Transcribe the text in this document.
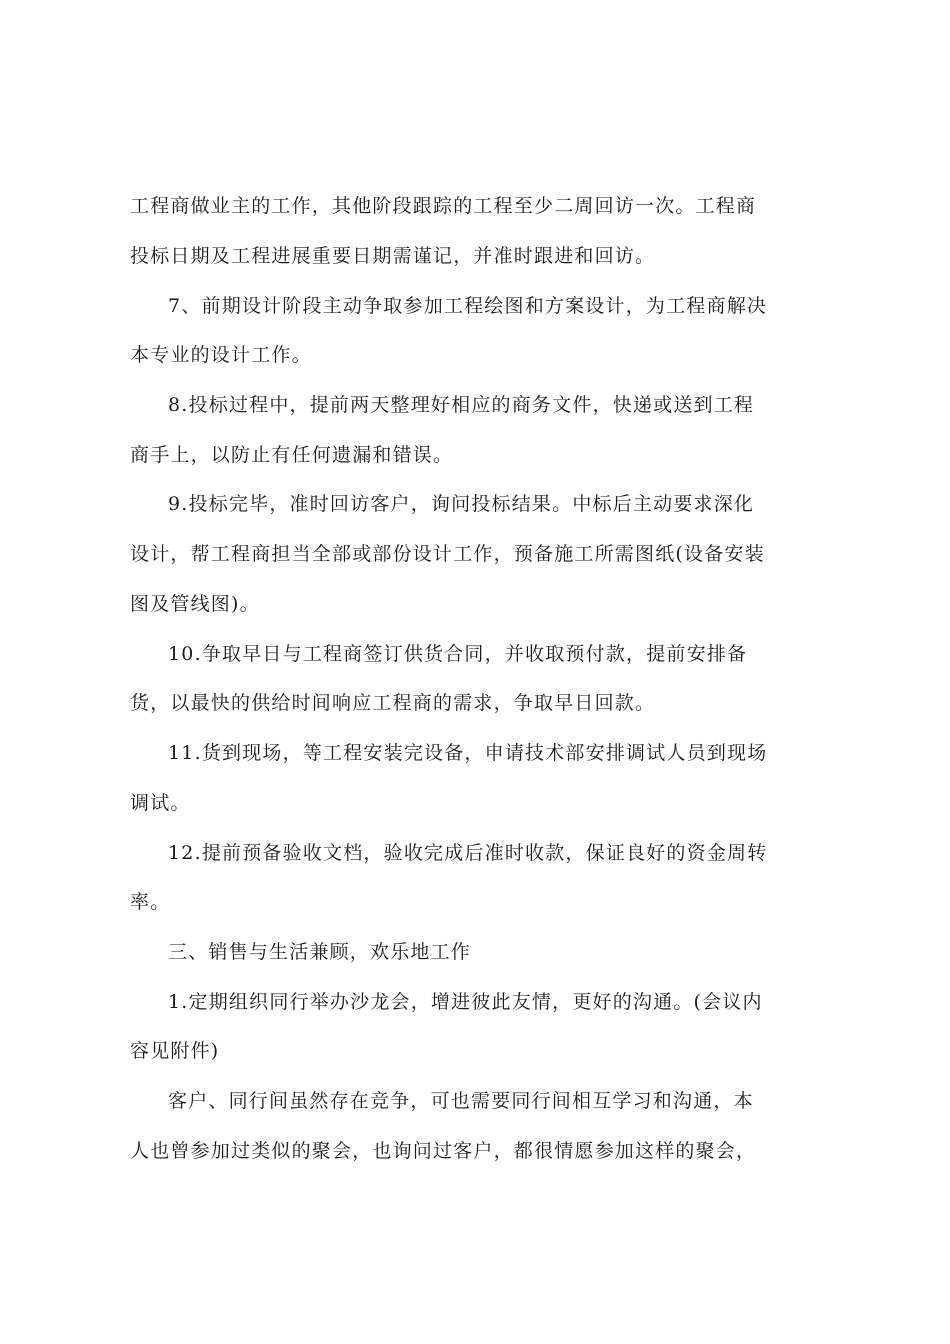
工程商做业主的工作，其他阶段跟踪的工程至少二周回访一次。工程商
投标日期及工程进展重要日期需谨记，并准时跟进和回访。
7、前期设计阶段主动争取参加工程绘图和方案设计，为工程商解决
本专业的设计工作。
8.投标过程中，提前两天整理好相应的商务文件，快递或送到工程
商手上，以防止有任何遗漏和错误。
9.投标完毕，准时回访客户，询问投标结果。中标后主动要求深化
设计，帮工程商担当全部或部份设计工作，预备施工所需图纸(设备安装
图及管线图)。
10.争取早日与工程商签订供货合同，并收取预付款，提前安排备
货，以最快的供给时间响应工程商的需求，争取早日回款。
11.货到现场，等工程安装完设备，申请技术部安排调试人员到现场
调试。
12.提前预备验收文档，验收完成后准时收款，保证良好的资金周转
率。
三、销售与生活兼顾，欢乐地工作
1.定期组织同行举办沙龙会，增进彼此友情，更好的沟通。(会议内
容见附件)
客户、同行间虽然存在竞争，可也需要同行间相互学习和沟通，本
人也曾参加过类似的聚会，也询问过客户，都很情愿参加这样的聚会，
